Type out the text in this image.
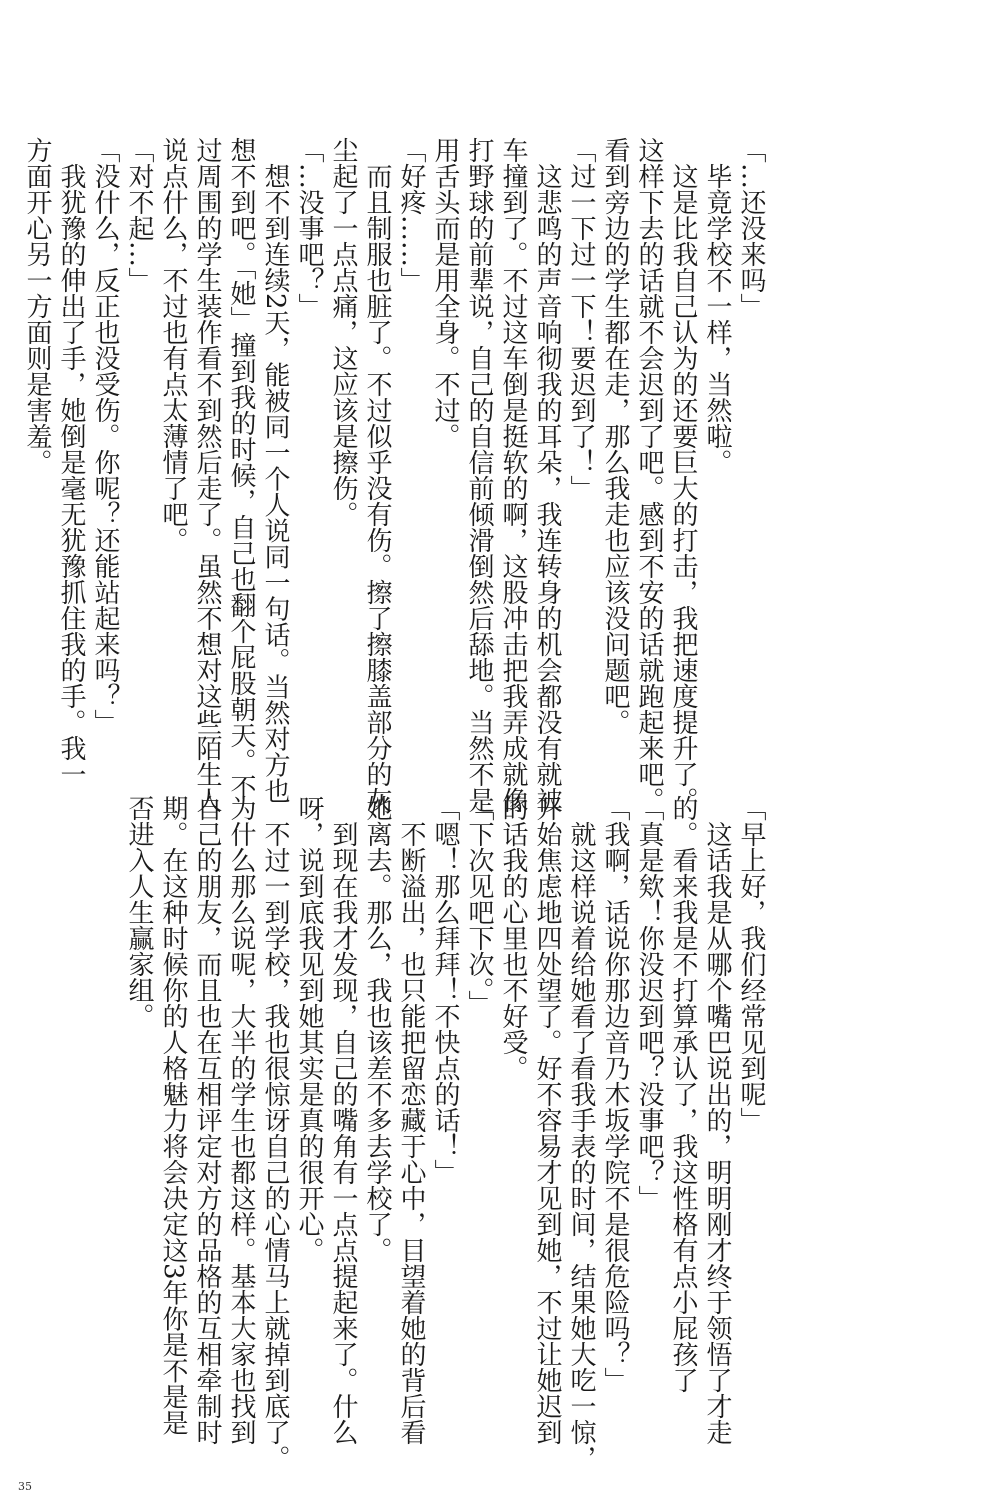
「…还没来吗」
　毕竟学校不一样，当然啦。
　这是比我自己认为的还要巨大的打击，我把速度提升了。
这样下去的话就不会迟到了吧。感到不安的话就跑起来吧。
看到旁边的学生都在走，那么我走也应该没问题吧。
「过一下过一下！要迟到了！」
　这悲鸣的声音响彻我的耳朵，我连转身的机会都没有就被
车撞到了。不过这车倒是挺软的啊，这股冲击把我弄成就像
打野球的前辈说，自己的自信前倾滑倒然后舔地。当然不是
用舌头而是用全身。不过。
「好疼……」
　而且制服也脏了。不过似乎没有伤。擦了擦膝盖部分的灰
尘起了一点点痛，这应该是擦伤。
「…没事吧？」
　想不到连续2天，能被同一个人说同一句话。当然对方也
想不到吧。「她」撞到我的时候，自己也翻个屁股朝天。不
过周围的学生装作看不到然后走了。虽然不想对这些陌生人
说点什么，不过也有点太薄情了吧。
「对不起…」
「没什么，反正也没受伤。你呢？还能站起来吗？」
　我犹豫的伸出了手，她倒是毫无犹豫抓住我的手。我一
方面开心另一方面则是害羞。
「早上好，我们经常见到呢」
　这话我是从哪个嘴巴说出的，明明刚才终于领悟了才走
的。看来我是不打算承认了，我这性格有点小屁孩了
「真是欸！你没迟到吧？没事吧？」
「我啊，话说你那边音乃木坂学院不是很危险吗？」
　就这样说着给她看了看我手表的时间，结果她大吃一惊，
开始焦虑地四处望了。好不容易才见到她，不过让她迟到
的话我的心里也不好受。
「下次见吧下次。」
「嗯！那么拜拜！不快点的话！」
　不断溢出，也只能把留恋藏于心中，目望着她的背后看
她离去。那么，我也该差不多去学校了。
　到现在我才发现，自己的嘴角有一点点提起来了。什么
呀，说到底我见到她其实是真的很开心。
　不过一到学校，我也很惊讶自己的心情马上就掉到底了。
为什么那么说呢，大半的学生也都这样。基本大家也找到
自己的朋友，而且也在互相评定对方的品格的互相牵制时
期。在这种时候你的人格魅力将会决定这3年你是不是是
否进入人生赢家组。
35
